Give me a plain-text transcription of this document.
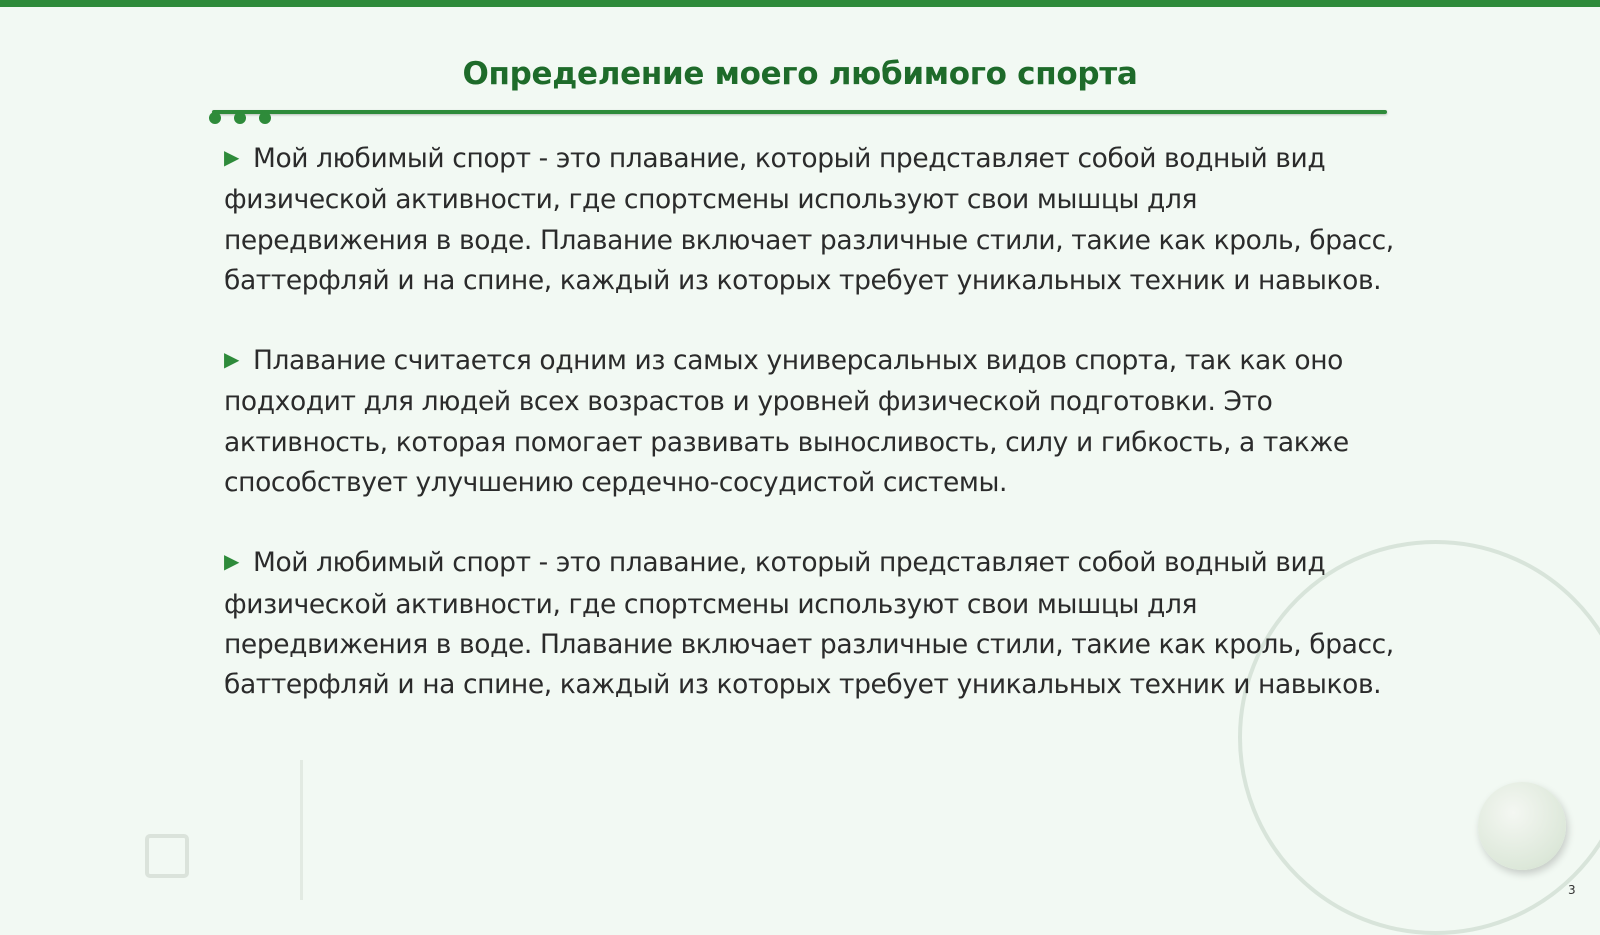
Определение моего любимого спорта

▶ Мой любимый спорт - это плавание, который представляет собой водный вид физической активности, где спортсмены используют свои мышцы для передвижения в воде. Плавание включает различные стили, такие как кроль, брасс, баттерфляй и на спине, каждый из которых требует уникальных техник и навыков.

▶ Плавание считается одним из самых универсальных видов спорта, так как оно подходит для людей всех возрастов и уровней физической подготовки. Это активность, которая помогает развивать выносливость, силу и гибкость, а также способствует улучшению сердечно-сосудистой системы.

▶ Мой любимый спорт - это плавание, который представляет собой водный вид физической активности, где спортсмены используют свои мышцы для передвижения в воде. Плавание включает различные стили, такие как кроль, брасс, баттерфляй и на спине, каждый из которых требует уникальных техник и навыков.

3
